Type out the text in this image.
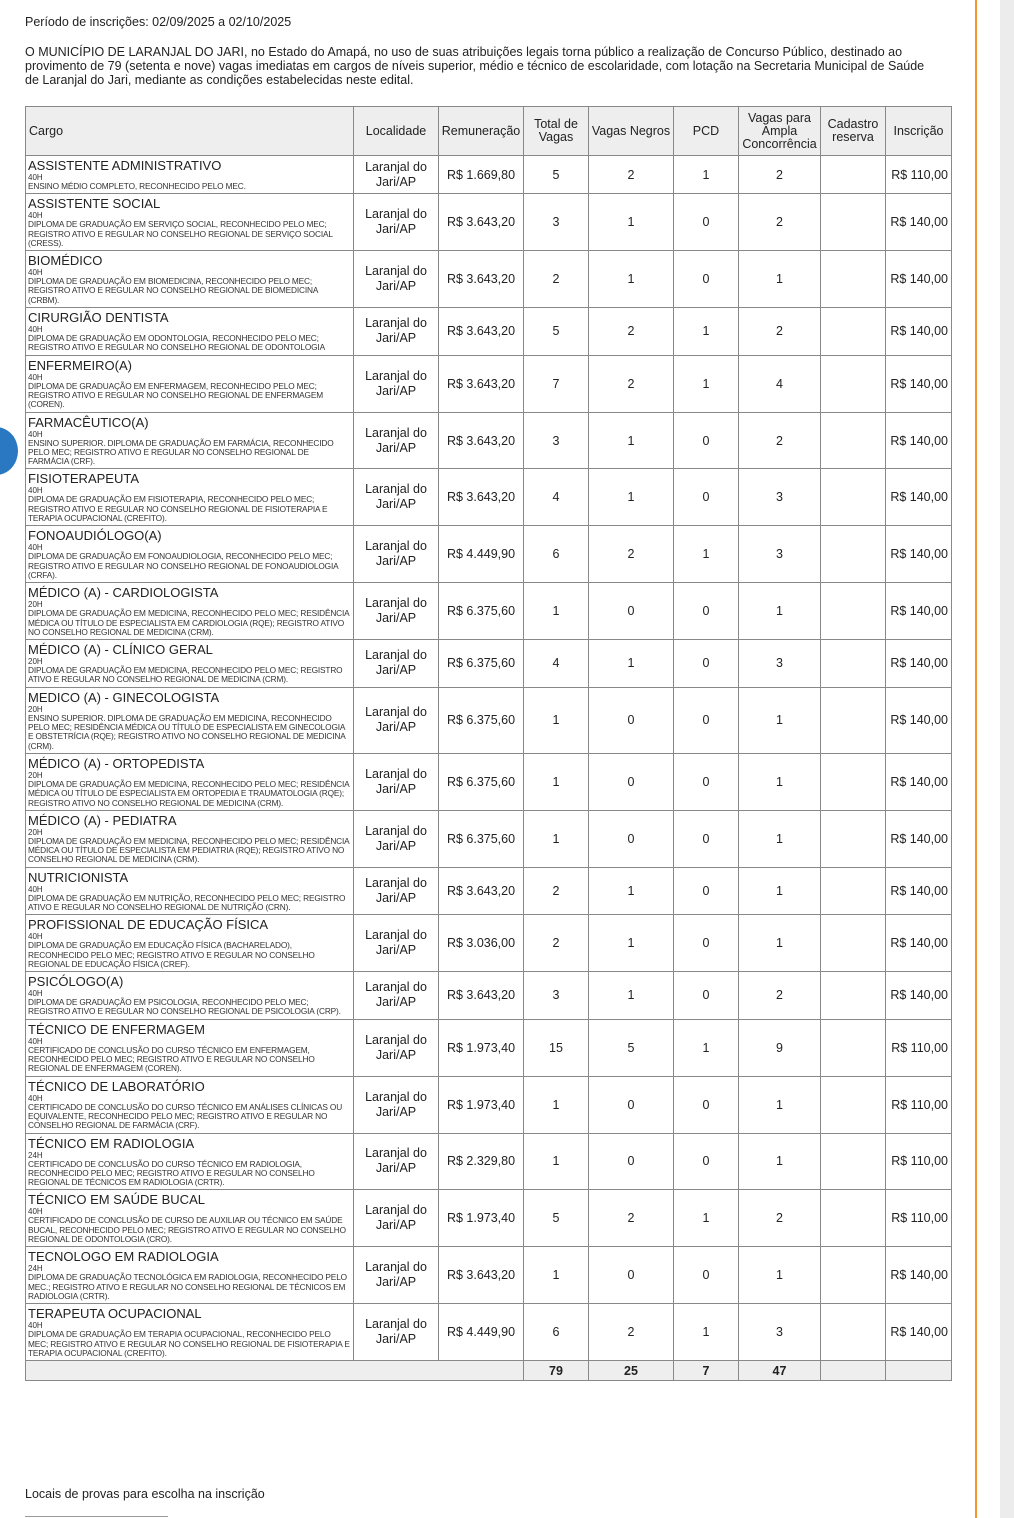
Período de inscrições: 02/09/2025 a 02/10/2025
O MUNICÍPIO DE LARANJAL DO JARI, no Estado do Amapá, no uso de suas atribuições legais torna público a realização de Concurso Público, destinado ao provimento de 79 (setenta e nove) vagas imediatas em cargos de níveis superior, médio e técnico de escolaridade, com lotação na Secretaria Municipal de Saúde de Laranjal do Jari, mediante as condições estabelecidas neste edital.
Cargo	Localidade	Remuneração	Total de Vagas	Vagas Negros	PCD	Vagas para Ampla Concorrência	Cadastro reserva	Inscrição

ASSISTENTE ADMINISTRATIVO
40H
ENSINO MÉDIO COMPLETO, RECONHECIDO PELO MEC.	Laranjal do Jari/AP	R$ 1.669,80	5	2	1	2		R$ 110,00

ASSISTENTE SOCIAL
40H
DIPLOMA DE GRADUAÇÃO EM SERVIÇO SOCIAL, RECONHECIDO PELO MEC; REGISTRO ATIVO E REGULAR NO CONSELHO REGIONAL DE SERVIÇO SOCIAL (CRESS).	Laranjal do Jari/AP	R$ 3.643,20	3	1	0	2		R$ 140,00

BIOMÉDICO
40H
DIPLOMA DE GRADUAÇÃO EM BIOMEDICINA, RECONHECIDO PELO MEC; REGISTRO ATIVO E REGULAR NO CONSELHO REGIONAL DE BIOMEDICINA (CRBM).	Laranjal do Jari/AP	R$ 3.643,20	2	1	0	1		R$ 140,00

CIRURGIÃO DENTISTA
40H
DIPLOMA DE GRADUAÇÃO EM ODONTOLOGIA, RECONHECIDO PELO MEC; REGISTRO ATIVO E REGULAR NO CONSELHO REGIONAL DE ODONTOLOGIA	Laranjal do Jari/AP	R$ 3.643,20	5	2	1	2		R$ 140,00

ENFERMEIRO(A)
40H
DIPLOMA DE GRADUAÇÃO EM ENFERMAGEM, RECONHECIDO PELO MEC; REGISTRO ATIVO E REGULAR NO CONSELHO REGIONAL DE ENFERMAGEM (COREN).	Laranjal do Jari/AP	R$ 3.643,20	7	2	1	4		R$ 140,00

FARMACÊUTICO(A)
40H
ENSINO SUPERIOR. DIPLOMA DE GRADUAÇÃO EM FARMÁCIA, RECONHECIDO PELO MEC; REGISTRO ATIVO E REGULAR NO CONSELHO REGIONAL DE FARMÁCIA (CRF).	Laranjal do Jari/AP	R$ 3.643,20	3	1	0	2		R$ 140,00

FISIOTERAPEUTA
40H
DIPLOMA DE GRADUAÇÃO EM FISIOTERAPIA, RECONHECIDO PELO MEC; REGISTRO ATIVO E REGULAR NO CONSELHO REGIONAL DE FISIOTERAPIA E TERAPIA OCUPACIONAL (CREFITO).	Laranjal do Jari/AP	R$ 3.643,20	4	1	0	3		R$ 140,00

FONOAUDIÓLOGO(A)
40H
DIPLOMA DE GRADUAÇÃO EM FONOAUDIOLOGIA, RECONHECIDO PELO MEC; REGISTRO ATIVO E REGULAR NO CONSELHO REGIONAL DE FONOAUDIOLOGIA (CRFA).	Laranjal do Jari/AP	R$ 4.449,90	6	2	1	3		R$ 140,00

MÉDICO (A) - CARDIOLOGISTA
20H
DIPLOMA DE GRADUAÇÃO EM MEDICINA, RECONHECIDO PELO MEC; RESIDÊNCIA MÉDICA OU TÍTULO DE ESPECIALISTA EM CARDIOLOGIA (RQE); REGISTRO ATIVO NO CONSELHO REGIONAL DE MEDICINA (CRM).	Laranjal do Jari/AP	R$ 6.375,60	1	0	0	1		R$ 140,00

MÉDICO (A) - CLÍNICO GERAL
20H
DIPLOMA DE GRADUAÇÃO EM MEDICINA, RECONHECIDO PELO MEC; REGISTRO ATIVO E REGULAR NO CONSELHO REGIONAL DE MEDICINA (CRM).	Laranjal do Jari/AP	R$ 6.375,60	4	1	0	3		R$ 140,00

MEDICO (A) - GINECOLOGISTA
20H
ENSINO SUPERIOR. DIPLOMA DE GRADUAÇÃO EM MEDICINA, RECONHECIDO PELO MEC; RESIDÊNCIA MÉDICA OU TÍTULO DE ESPECIALISTA EM GINECOLOGIA E OBSTETRÍCIA (RQE); REGISTRO ATIVO NO CONSELHO REGIONAL DE MEDICINA (CRM).	Laranjal do Jari/AP	R$ 6.375,60	1	0	0	1		R$ 140,00

MÉDICO (A) - ORTOPEDISTA
20H
DIPLOMA DE GRADUAÇÃO EM MEDICINA, RECONHECIDO PELO MEC; RESIDÊNCIA MÉDICA OU TÍTULO DE ESPECIALISTA EM ORTOPEDIA E TRAUMATOLOGIA (RQE); REGISTRO ATIVO NO CONSELHO REGIONAL DE MEDICINA (CRM).	Laranjal do Jari/AP	R$ 6.375,60	1	0	0	1		R$ 140,00

MÉDICO (A) - PEDIATRA
20H
DIPLOMA DE GRADUAÇÃO EM MEDICINA, RECONHECIDO PELO MEC; RESIDÊNCIA MÉDICA OU TÍTULO DE ESPECIALISTA EM PEDIATRIA (RQE); REGISTRO ATIVO NO CONSELHO REGIONAL DE MEDICINA (CRM).	Laranjal do Jari/AP	R$ 6.375,60	1	0	0	1		R$ 140,00

NUTRICIONISTA
40H
DIPLOMA DE GRADUAÇÃO EM NUTRIÇÃO, RECONHECIDO PELO MEC; REGISTRO ATIVO E REGULAR NO CONSELHO REGIONAL DE NUTRIÇÃO (CRN).	Laranjal do Jari/AP	R$ 3.643,20	2	1	0	1		R$ 140,00

PROFISSIONAL DE EDUCAÇÃO FÍSICA
40H
DIPLOMA DE GRADUAÇÃO EM EDUCAÇÃO FÍSICA (BACHARELADO), RECONHECIDO PELO MEC; REGISTRO ATIVO E REGULAR NO CONSELHO REGIONAL DE EDUCAÇÃO FÍSICA (CREF).	Laranjal do Jari/AP	R$ 3.036,00	2	1	0	1		R$ 140,00

PSICÓLOGO(A)
40H
DIPLOMA DE GRADUAÇÃO EM PSICOLOGIA, RECONHECIDO PELO MEC; REGISTRO ATIVO E REGULAR NO CONSELHO REGIONAL DE PSICOLOGIA (CRP).	Laranjal do Jari/AP	R$ 3.643,20	3	1	0	2		R$ 140,00

TÉCNICO DE ENFERMAGEM
40H
CERTIFICADO DE CONCLUSÃO DO CURSO TÉCNICO EM ENFERMAGEM, RECONHECIDO PELO MEC; REGISTRO ATIVO E REGULAR NO CONSELHO REGIONAL DE ENFERMAGEM (COREN).	Laranjal do Jari/AP	R$ 1.973,40	15	5	1	9		R$ 110,00

TÉCNICO DE LABORATÓRIO
40H
CERTIFICADO DE CONCLUSÃO DO CURSO TÉCNICO EM ANÁLISES CLÍNICAS OU EQUIVALENTE, RECONHECIDO PELO MEC; REGISTRO ATIVO E REGULAR NO CONSELHO REGIONAL DE FARMÁCIA (CRF).	Laranjal do Jari/AP	R$ 1.973,40	1	0	0	1		R$ 110,00

TÉCNICO EM RADIOLOGIA
24H
CERTIFICADO DE CONCLUSÃO DO CURSO TÉCNICO EM RADIOLOGIA, RECONHECIDO PELO MEC; REGISTRO ATIVO E REGULAR NO CONSELHO REGIONAL DE TÉCNICOS EM RADIOLOGIA (CRTR).	Laranjal do Jari/AP	R$ 2.329,80	1	0	0	1		R$ 110,00

TÉCNICO EM SAÚDE BUCAL
40H
CERTIFICADO DE CONCLUSÃO DE CURSO DE AUXILIAR OU TÉCNICO EM SAÚDE BUCAL, RECONHECIDO PELO MEC; REGISTRO ATIVO E REGULAR NO CONSELHO REGIONAL DE ODONTOLOGIA (CRO).	Laranjal do Jari/AP	R$ 1.973,40	5	2	1	2		R$ 110,00

TECNOLOGO EM RADIOLOGIA
24H
DIPLOMA DE GRADUAÇÃO TECNOLÓGICA EM RADIOLOGIA, RECONHECIDO PELO MEC.; REGISTRO ATIVO E REGULAR NO CONSELHO REGIONAL DE TÉCNICOS EM RADIOLOGIA (CRTR).	Laranjal do Jari/AP	R$ 3.643,20	1	0	0	1		R$ 140,00

TERAPEUTA OCUPACIONAL
40H
DIPLOMA DE GRADUAÇÃO EM TERAPIA OCUPACIONAL, RECONHECIDO PELO MEC; REGISTRO ATIVO E REGULAR NO CONSELHO REGIONAL DE FISIOTERAPIA E TERAPIA OCUPACIONAL (CREFITO).	Laranjal do Jari/AP	R$ 4.449,90	6	2	1	3		R$ 140,00
			79	25	7	47		
Locais de provas para escolha na inscrição
